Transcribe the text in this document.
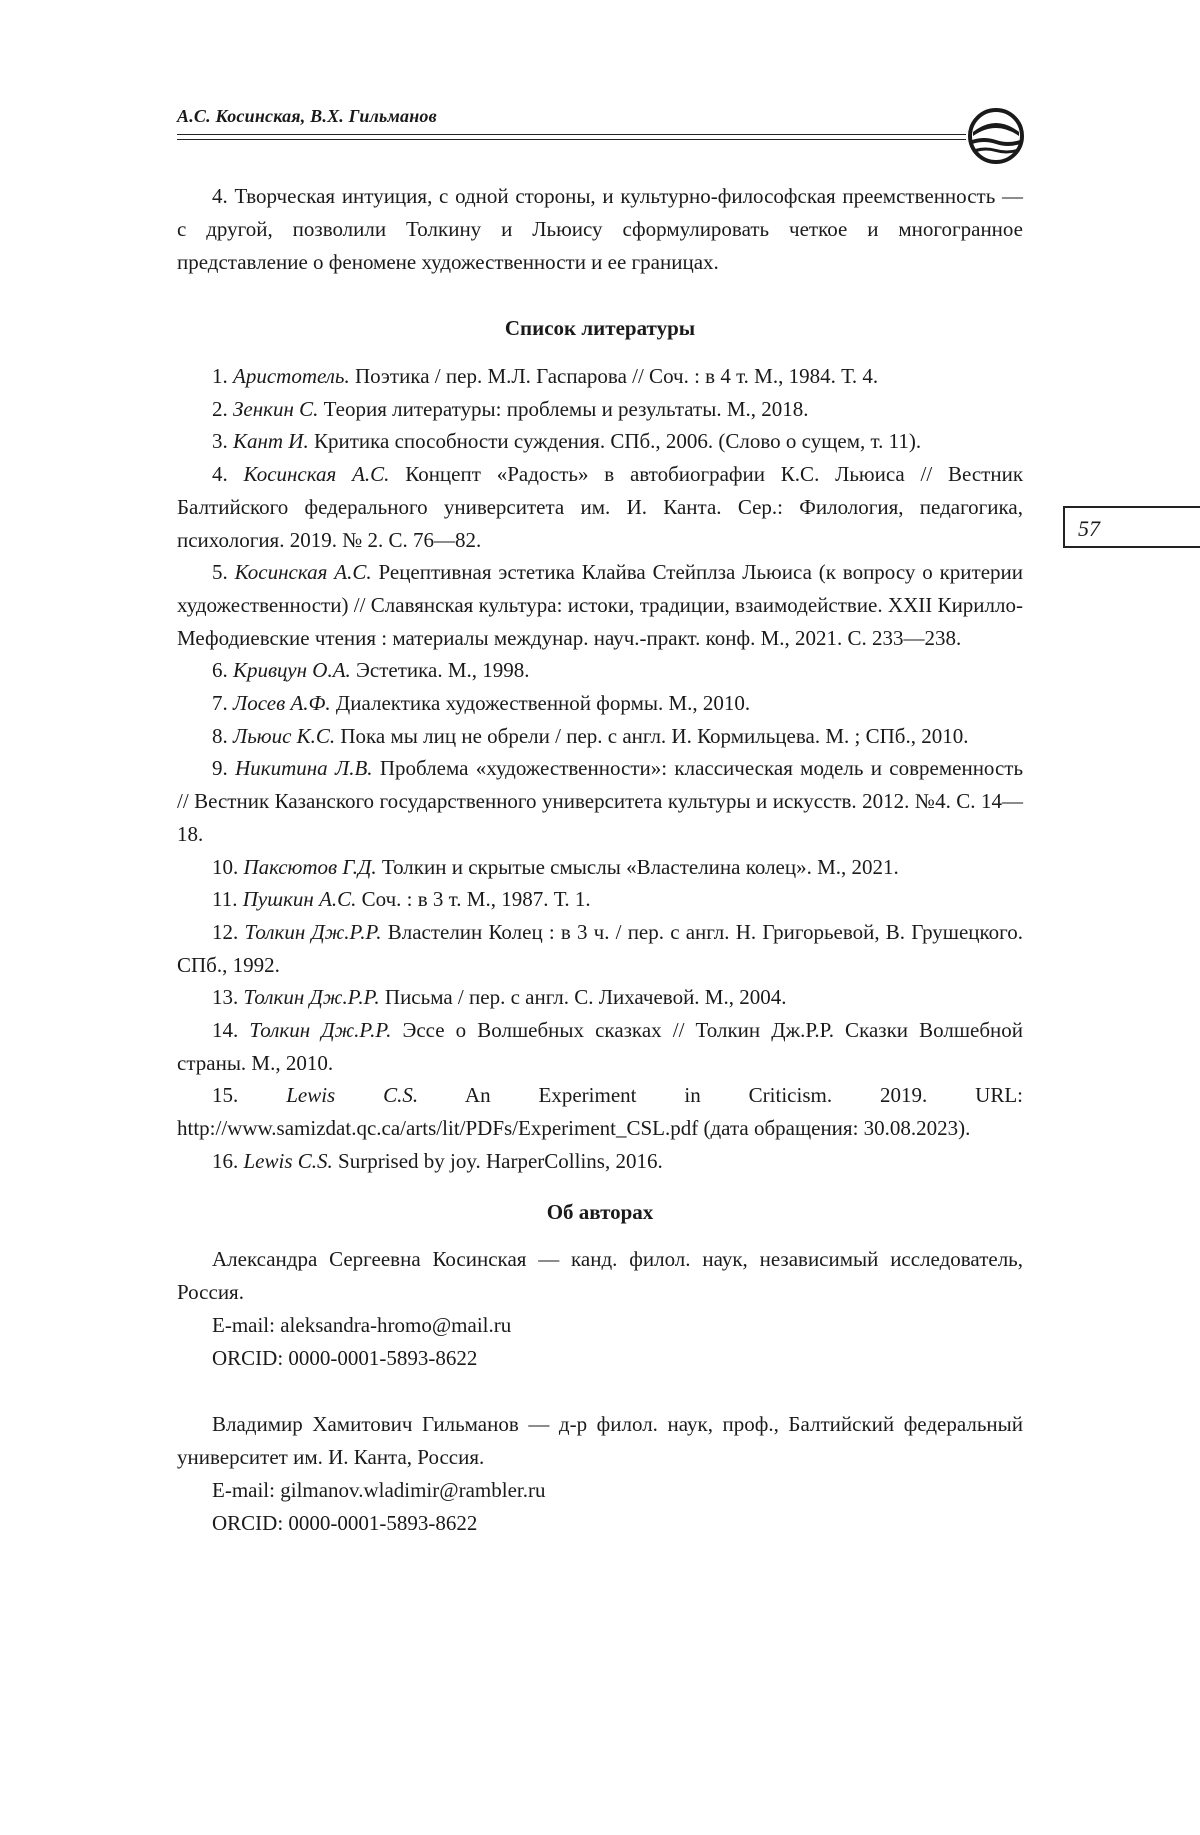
А.С. Косинская, В.Х. Гильманов
57

4. Творческая интуиция, с одной стороны, и культурно-философская преемственность — с другой, позволили Толкину и Льюису сформулировать четкое и многогранное представление о феномене художественности и ее границах.

Список литературы

1. Аристотель. Поэтика / пер. М.Л. Гаспарова // Соч. : в 4 т. М., 1984. Т. 4.

2. Зенкин С. Теория литературы: проблемы и результаты. М., 2018.

3. Кант И. Критика способности суждения. СПб., 2006. (Слово о сущем, т. 11).

4. Косинская А.С. Концепт «Радость» в автобиографии К.С. Льюиса // Вестник Балтийского федерального университета им. И. Канта. Сер.: Филология, педагогика, психология. 2019. № 2. С. 76—82.

5. Косинская А.С. Рецептивная эстетика Клайва Стейплза Льюиса (к вопросу о критерии художественности) // Славянская культура: истоки, традиции, взаимодействие. XXII Кирилло-Мефодиевские чтения : материалы междунар. науч.-практ. конф. М., 2021. С. 233—238.

6. Кривцун О.А. Эстетика. М., 1998.

7. Лосев А.Ф. Диалектика художественной формы. М., 2010.

8. Льюис К.С. Пока мы лиц не обрели / пер. с англ. И. Кормильцева. М. ; СПб., 2010.

9. Никитина Л.В. Проблема «художественности»: классическая модель и современность // Вестник Казанского государственного университета культуры и искусств. 2012. №4. С. 14—18.

10. Паксютов Г.Д. Толкин и скрытые смыслы «Властелина колец». М., 2021.

11. Пушкин А.С. Соч. : в 3 т. М., 1987. Т. 1.

12. Толкин Дж.Р.Р. Властелин Колец : в 3 ч. / пер. с англ. Н. Григорьевой, В. Грушецкого. СПб., 1992.

13. Толкин Дж.Р.Р. Письма / пер. с англ. С. Лихачевой. М., 2004.

14. Толкин Дж.Р.Р. Эссе о Волшебных сказках // Толкин Дж.Р.Р. Сказки Волшебной страны. М., 2010.

15. Lewis C.S. An Experiment in Criticism. 2019. URL: http://www.samizdat.qc.ca/arts/lit/PDFs/Experiment_CSL.pdf (дата обращения: 30.08.2023).

16. Lewis C.S. Surprised by joy. HarperCollins, 2016.

Об авторах

Александра Сергеевна Косинская — канд. филол. наук, независимый исследователь, Россия.

E-mail: aleksandra-hromo@mail.ru

ORCID: 0000-0001-5893-8622

Владимир Хамитович Гильманов — д-р филол. наук, проф., Балтийский федеральный университет им. И. Канта, Россия.

E-mail: gilmanov.wladimir@rambler.ru

ORCID: 0000-0001-5893-8622
